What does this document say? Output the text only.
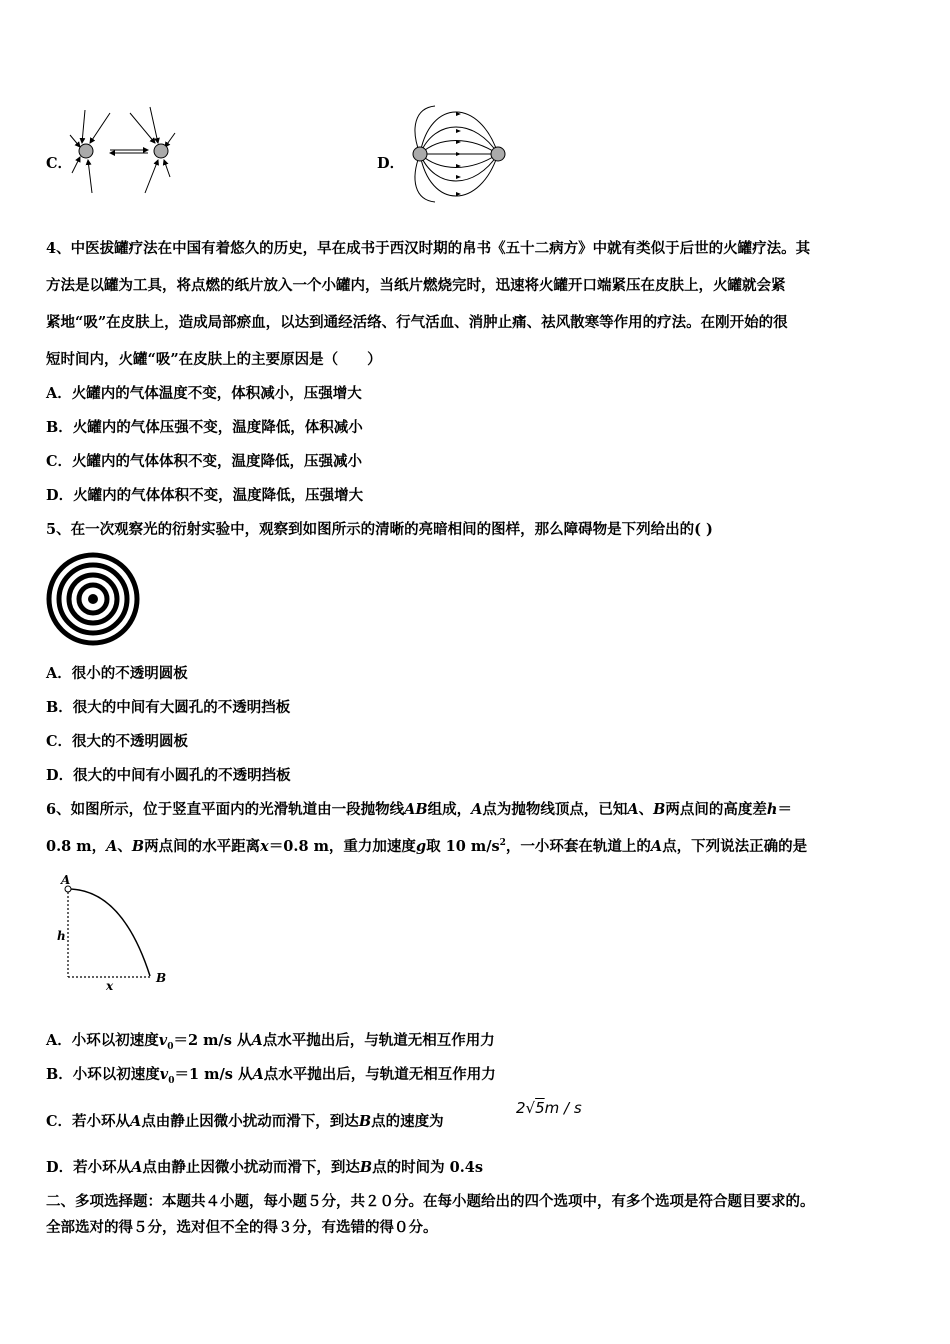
C．	D．
4、中医拔罐疗法在中国有着悠久的历史，早在成书于西汉时期的帛书《五十二病方》中就有类似于后世的火罐疗法。其
方法是以罐为工具，将点燃的纸片放入一个小罐内，当纸片燃烧完时，迅速将火罐开口端紧压在皮肤上，火罐就会紧
紧地“吸”在皮肤上，造成局部瘀血，以达到通经活络、行气活血、消肿止痛、祛风散寒等作用的疗法。在刚开始的很
短时间内，火罐“吸”在皮肤上的主要原因是（　　）
A．火罐内的气体温度不变，体积减小，压强增大
B．火罐内的气体压强不变，温度降低，体积减小
C．火罐内的气体体积不变，温度降低，压强减小
D．火罐内的气体体积不变，温度降低，压强增大
5、在一次观察光的衍射实验中，观察到如图所示的清晰的亮暗相间的图样，那么障碍物是下列给出的( )
A．很小的不透明圆板
B．很大的中间有大圆孔的不透明挡板
C．很大的不透明圆板
D．很大的中间有小圆孔的不透明挡板
6、如图所示，位于竖直平面内的光滑轨道由一段抛物线AB组成，A点为抛物线顶点，已知A、B两点间的高度差h＝
0.8 m，A、B两点间的水平距离x＝0.8 m，重力加速度g取 10 $m/s^2$，一小环套在轨道上的A点，下列说法正确的是
A
B
h
x
A．小环以初速度$v_0=2$ m/s 从A点水平抛出后，与轨道无相互作用力
B．小环以初速度$v_0=1$ m/s 从A点水平抛出后，与轨道无相互作用力
C．若小环从A点由静止因微小扰动而滑下，到达B点的速度为
2√5m / s
D．若小环从A点由静止因微小扰动而滑下，到达B点的时间为 0.4s
二、多项选择题：本题共４小题，每小题５分，共２０分。在每小题给出的四个选项中，有多个选项是符合题目要求的。
全部选对的得５分，选对但不全的得３分，有选错的得０分。
